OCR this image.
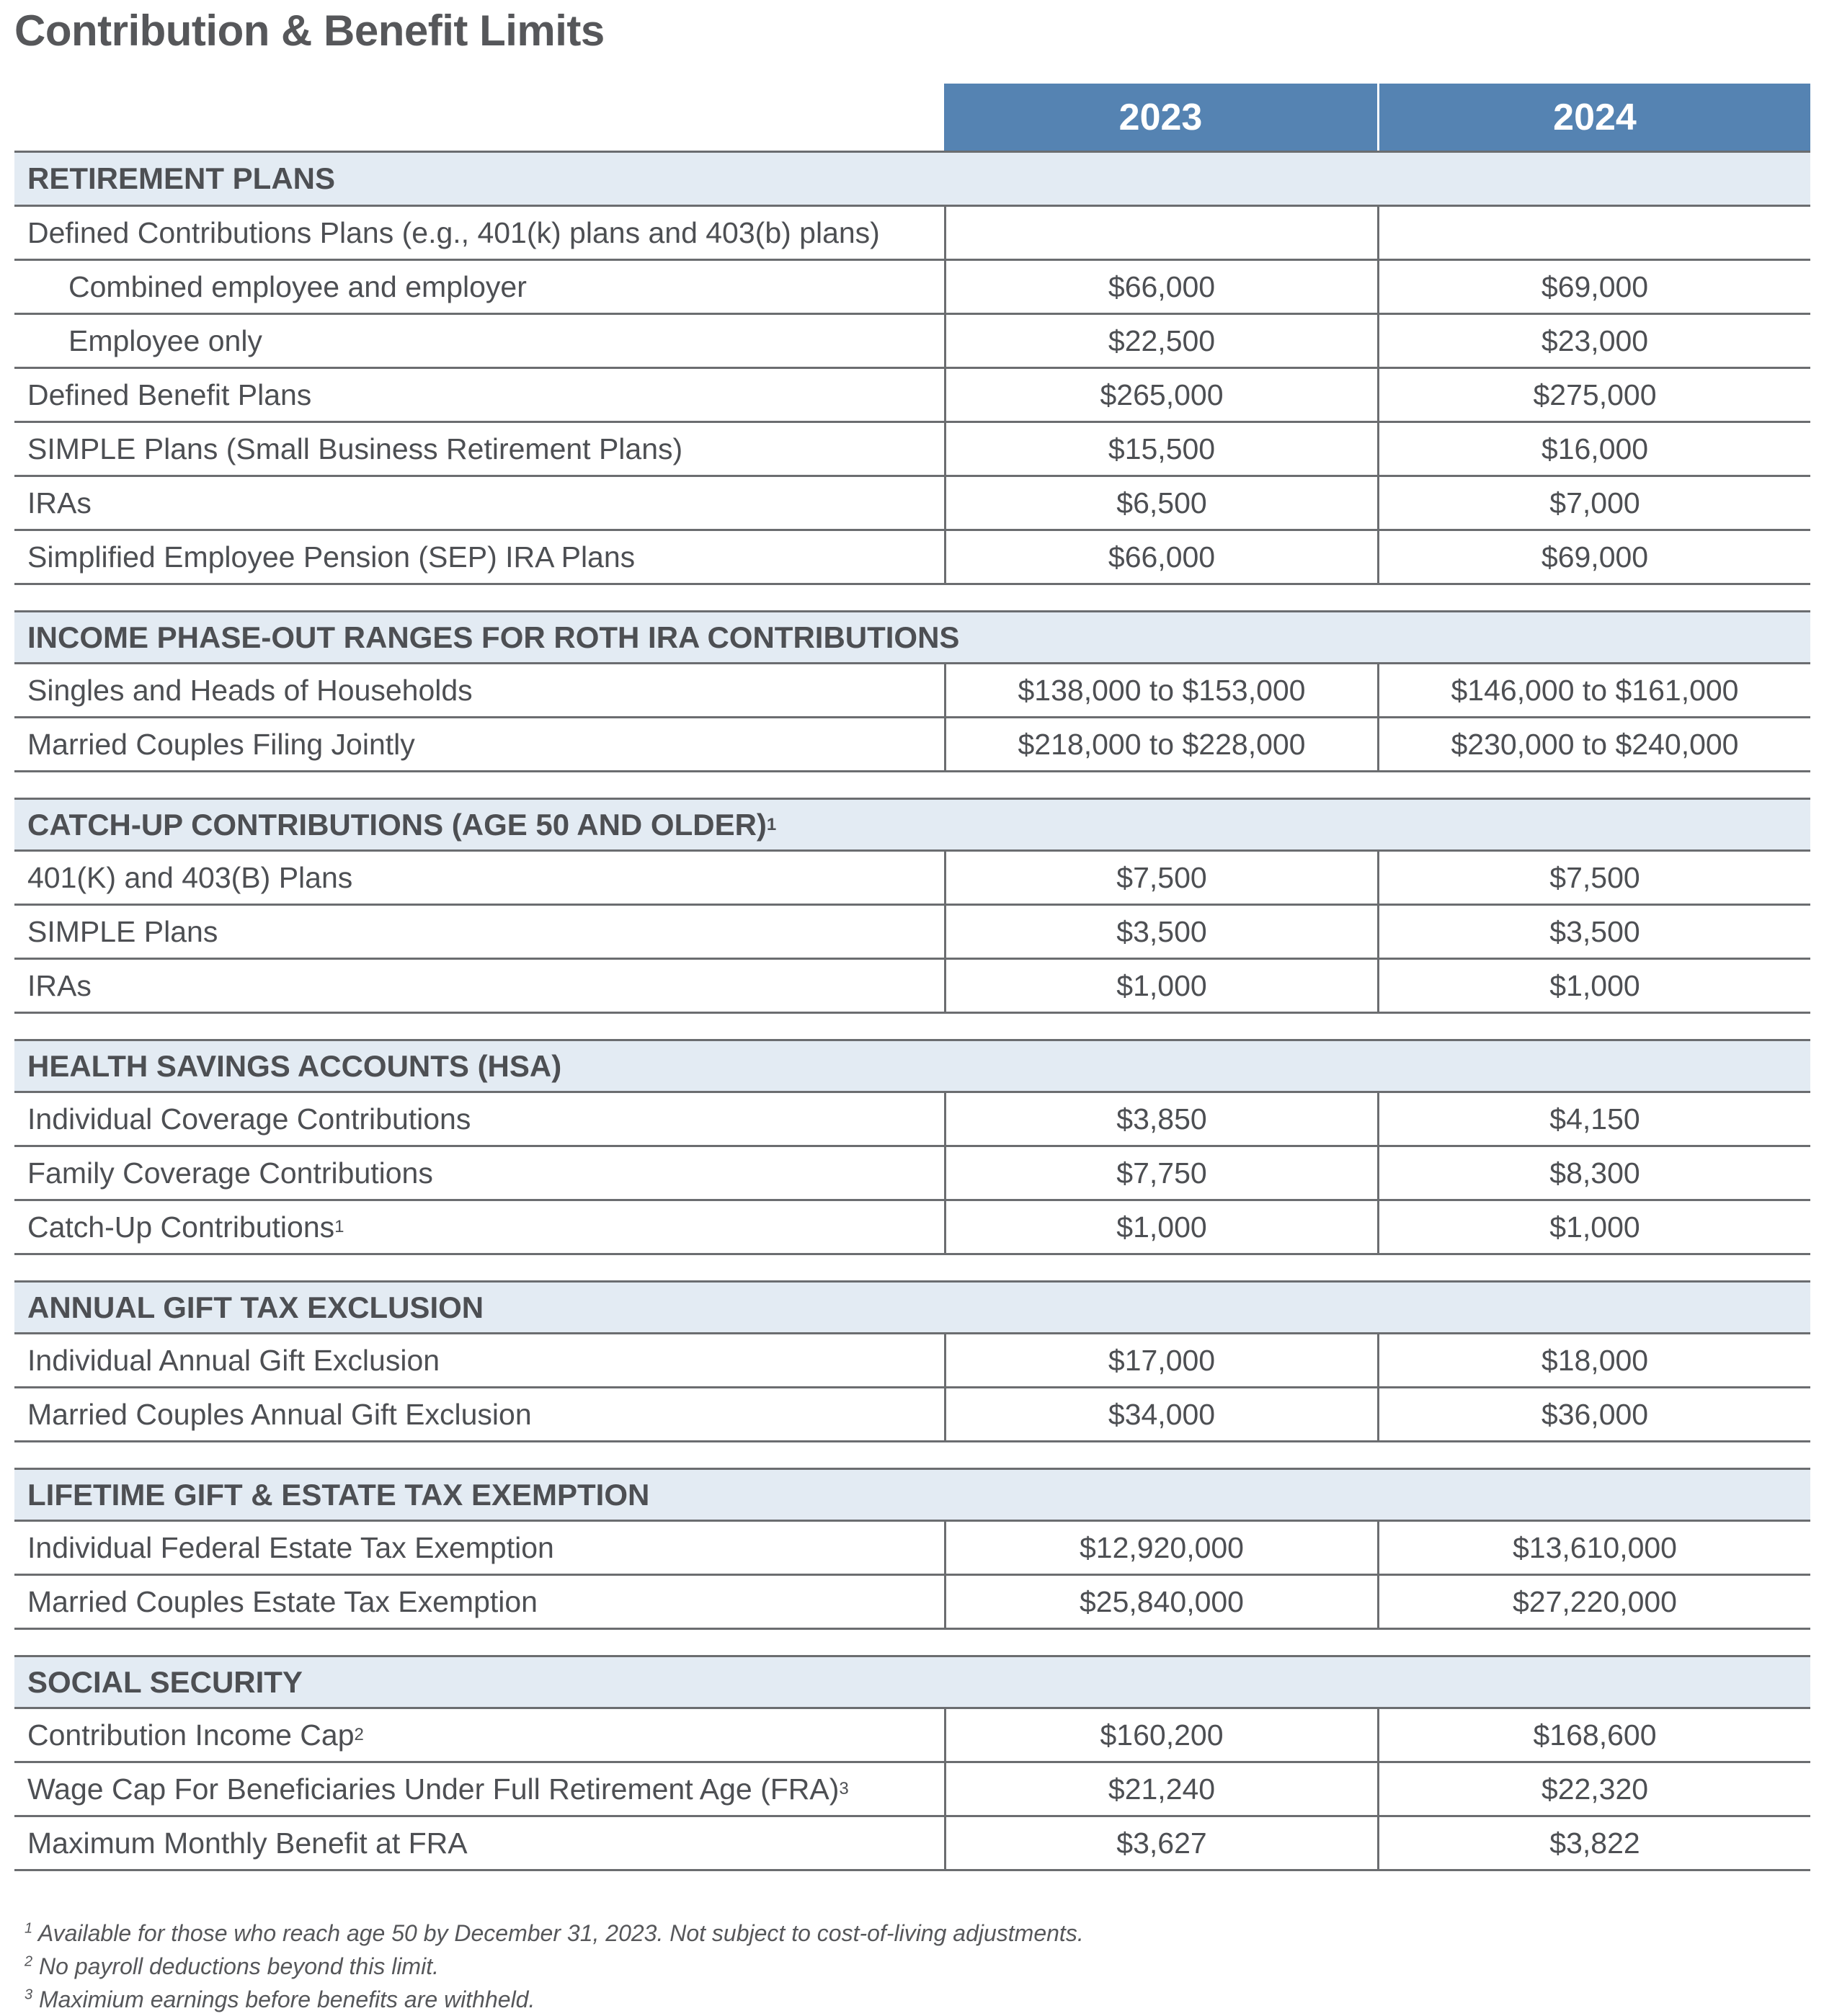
Contribution & Benefit Limits
2023	2024
RETIREMENT PLANS
Defined Contributions Plans (e.g., 401(k) plans and 403(b) plans)
Combined employee and employer	$66,000	$69,000
Employee only	$22,500	$23,000
Defined Benefit Plans	$265,000	$275,000
SIMPLE Plans (Small Business Retirement Plans)	$15,500	$16,000
IRAs	$6,500	$7,000
Simplified Employee Pension (SEP) IRA Plans	$66,000	$69,000
INCOME PHASE-OUT RANGES FOR ROTH IRA CONTRIBUTIONS
Singles and Heads of Households	$138,000 to $153,000	$146,000 to $161,000
Married Couples Filing Jointly	$218,000 to $228,000	$230,000 to $240,000
CATCH-UP CONTRIBUTIONS (AGE 50 AND OLDER) 1
401(K) and 403(B) Plans	$7,500	$7,500
SIMPLE Plans	$3,500	$3,500
IRAs	$1,000	$1,000
HEALTH SAVINGS ACCOUNTS (HSA)
Individual Coverage Contributions	$3,850	$4,150
Family Coverage Contributions	$7,750	$8,300
Catch-Up Contributions 1	$1,000	$1,000
ANNUAL GIFT TAX EXCLUSION
Individual Annual Gift Exclusion	$17,000	$18,000
Married Couples Annual Gift Exclusion	$34,000	$36,000
LIFETIME GIFT & ESTATE TAX EXEMPTION
Individual Federal Estate Tax Exemption	$12,920,000	$13,610,000
Married Couples Estate Tax Exemption	$25,840,000	$27,220,000
SOCIAL SECURITY
Contribution Income Cap 2	$160,200	$168,600
Wage Cap For Beneficiaries Under Full Retirement Age (FRA) 3	$21,240	$22,320
Maximum Monthly Benefit at FRA	$3,627	$3,822
$^1$ Available for those who reach age 50 by December 31, 2023. Not subject to cost-of-living adjustments.
$^2$ No payroll deductions beyond this limit.
$^3$ Maximium earnings before benefits are withheld.
